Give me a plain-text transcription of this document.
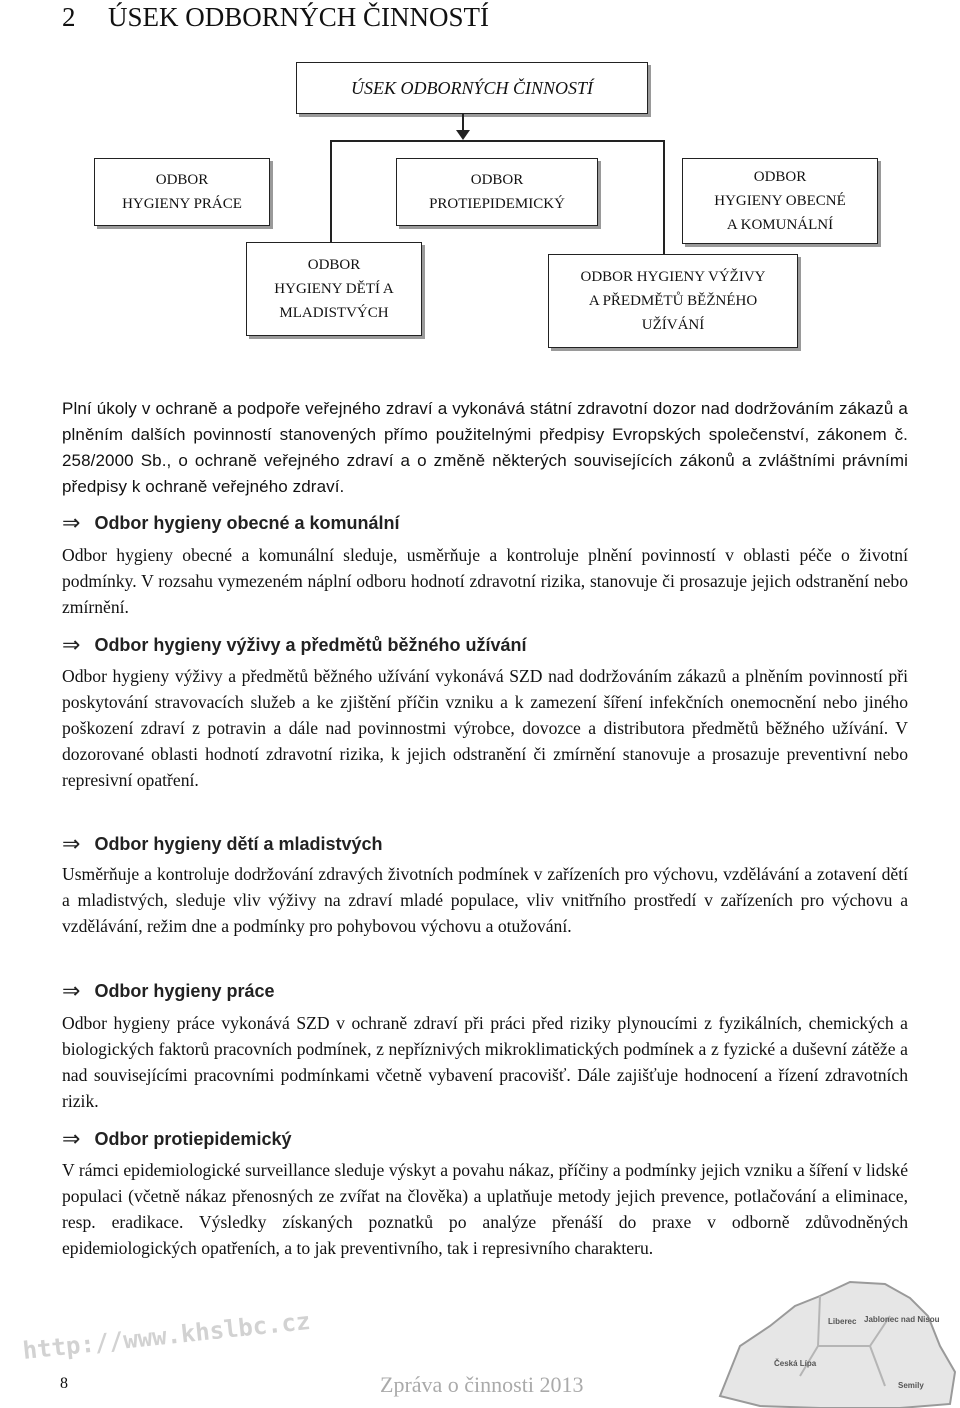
2 ÚSEK ODBORNÝCH ČINNOSTÍ
ÚSEK ODBORNÝCH ČINNOSTÍ
ODBOR
HYGIENY PRÁCE
ODBOR
PROTIEPIDEMICKÝ
ODBOR
HYGIENY OBECNÉ
A KOMUNÁLNÍ
ODBOR
HYGIENY DĚTÍ A
MLADISTVÝCH
ODBOR HYGIENY VÝŽIVY
A PŘEDMĚTŮ BĚŽNÉHO
UŽÍVÁNÍ

Plní úkoly v ochraně a podpoře veřejného zdraví a vykonává státní zdravotní dozor nad dodržováním zákazů a plněním dalších povinností stanovených přímo použitelnými předpisy Evropských společenství, zákonem č. 258/2000 Sb., o ochraně veřejného zdraví a o změně některých souvisejících zákonů a zvláštními právními předpisy k ochraně veřejného zdraví.

⇒ Odbor hygieny obecné a komunální

Odbor hygieny obecné a komunální sleduje, usměrňuje a kontroluje plnění povinností v oblasti péče o životní podmínky. V rozsahu vymezeném náplní odboru hodnotí zdravotní rizika, stanovuje či prosazuje jejich odstranění nebo zmírnění.

⇒ Odbor hygieny výživy a předmětů běžného užívání

Odbor hygieny výživy a předmětů běžného užívání vykonává SZD nad dodržováním zákazů a plněním povinností při poskytování stravovacích služeb a ke zjištění příčin vzniku a k zamezení šíření infekčních onemocnění nebo jiného poškození zdraví z potravin a dále nad povinnostmi výrobce, dovozce a distributora předmětů běžného užívání. V dozorované oblasti hodnotí zdravotní rizika, k jejich odstranění či zmírnění stanovuje a prosazuje preventivní nebo represivní opatření.

⇒ Odbor hygieny dětí a mladistvých

Usměrňuje a kontroluje dodržování zdravých životních podmínek v zařízeních pro výchovu, vzdělávání a zotavení dětí a mladistvých, sleduje vliv výživy na zdraví mladé populace, vliv vnitřního prostředí v zařízeních pro výchovu a vzdělávání, režim dne a podmínky pro pohybovou výchovu a otužování.

⇒ Odbor hygieny práce

Odbor hygieny práce vykonává SZD v ochraně zdraví při práci před riziky plynoucími z fyzikálních, chemických a biologických faktorů pracovních podmínek, z nepříznivých mikroklimatických podmínek a z fyzické a duševní zátěže a nad souvisejícími pracovními podmínkami včetně vybavení pracovišť. Dále zajišťuje hodnocení a řízení zdravotních rizik.

⇒ Odbor protiepidemický

V rámci epidemiologické surveillance sleduje výskyt a povahu nákaz, příčiny a podmínky jejich vzniku a šíření v lidské populaci (včetně nákaz přenosných ze zvířat na člověka) a uplatňuje metody jejich prevence, potlačování a eliminace, resp. eradikace. Výsledky získaných poznatků po analýze přenáší do praxe v odborně zdůvodněných epidemiologických opatřeních, a to jak preventivního, tak i represivního charakteru.

http://www.khslbc.cz
8	Zpráva o činnosti 2013
Liberec Jablonec nad Nisou
Česká Lípa
Semily
